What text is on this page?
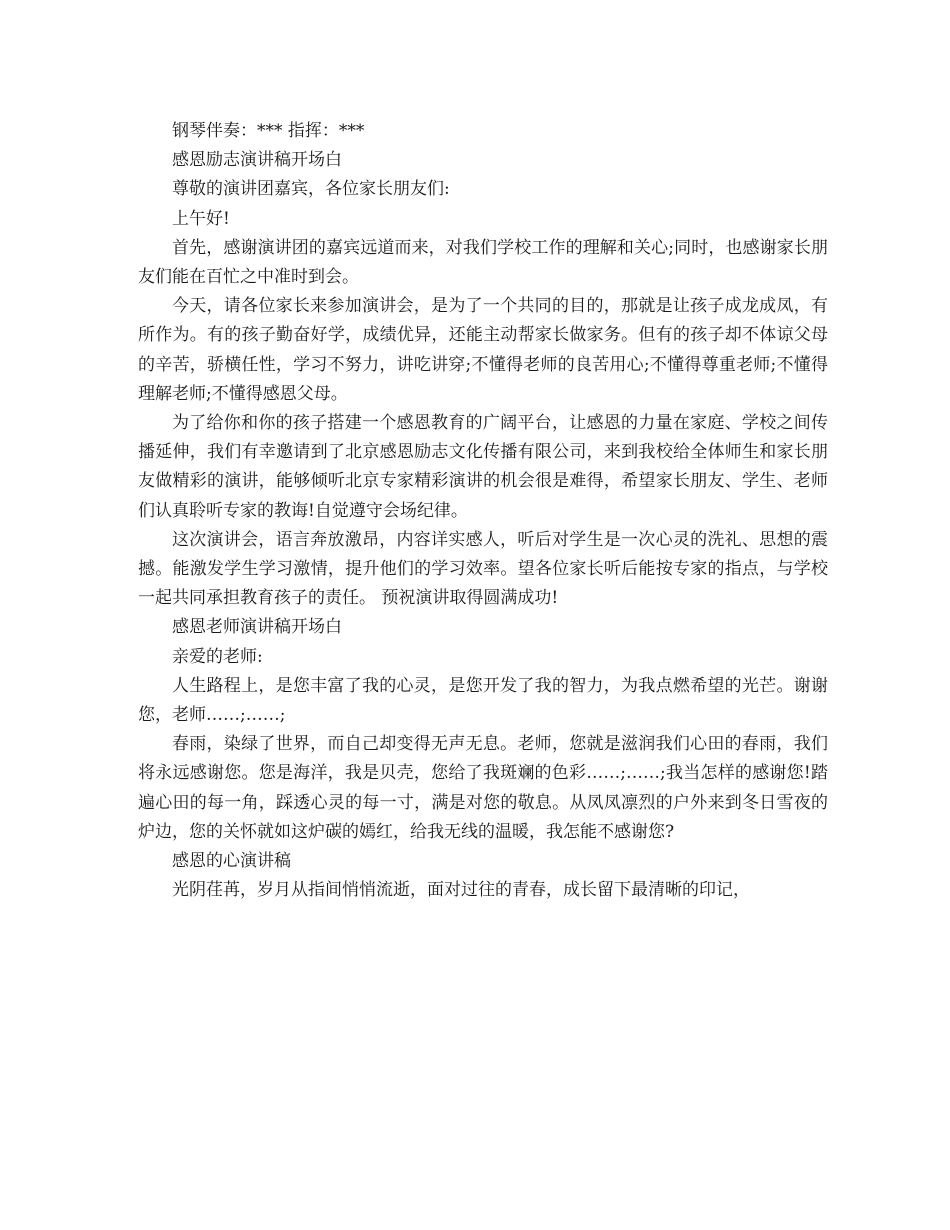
钢琴伴奏：*** 指挥：***

感恩励志演讲稿开场白

尊敬的演讲团嘉宾，各位家长朋友们:

上午好!

首先，感谢演讲团的嘉宾远道而来，对我们学校工作的理解和关心;同时，也感谢家长朋友们能在百忙之中准时到会。

今天，请各位家长来参加演讲会，是为了一个共同的目的，那就是让孩子成龙成凤，有所作为。有的孩子勤奋好学，成绩优异，还能主动帮家长做家务。但有的孩子却不体谅父母的辛苦，骄横任性，学习不努力，讲吃讲穿;不懂得老师的良苦用心;不懂得尊重老师;不懂得理解老师;不懂得感恩父母。

为了给你和你的孩子搭建一个感恩教育的广阔平台，让感恩的力量在家庭、学校之间传播延伸，我们有幸邀请到了北京感恩励志文化传播有限公司，来到我校给全体师生和家长朋友做精彩的演讲，能够倾听北京专家精彩演讲的机会很是难得，希望家长朋友、学生、老师们认真聆听专家的教诲!自觉遵守会场纪律。

这次演讲会，语言奔放激昂，内容详实感人，听后对学生是一次心灵的洗礼、思想的震撼。能激发学生学习激情，提升他们的学习效率。望各位家长听后能按专家的指点，与学校一起共同承担教育孩子的责任。 预祝演讲取得圆满成功!

感恩老师演讲稿开场白

亲爱的老师:

人生路程上，是您丰富了我的心灵，是您开发了我的智力，为我点燃希望的光芒。谢谢您，老师……;……;

春雨，染绿了世界，而自己却变得无声无息。老师，您就是滋润我们心田的春雨，我们将永远感谢您。您是海洋，我是贝壳，您给了我斑斓的色彩……;……;我当怎样的感谢您!踏遍心田的每一角，踩透心灵的每一寸，满是对您的敬息。从凤凤凛烈的户外来到冬日雪夜的炉边，您的关怀就如这炉碳的嫣红，给我无线的温暖，我怎能不感谢您?

感恩的心演讲稿

光阴荏苒，岁月从指间悄悄流逝，面对过往的青春，成长留下最清晰的印记，
